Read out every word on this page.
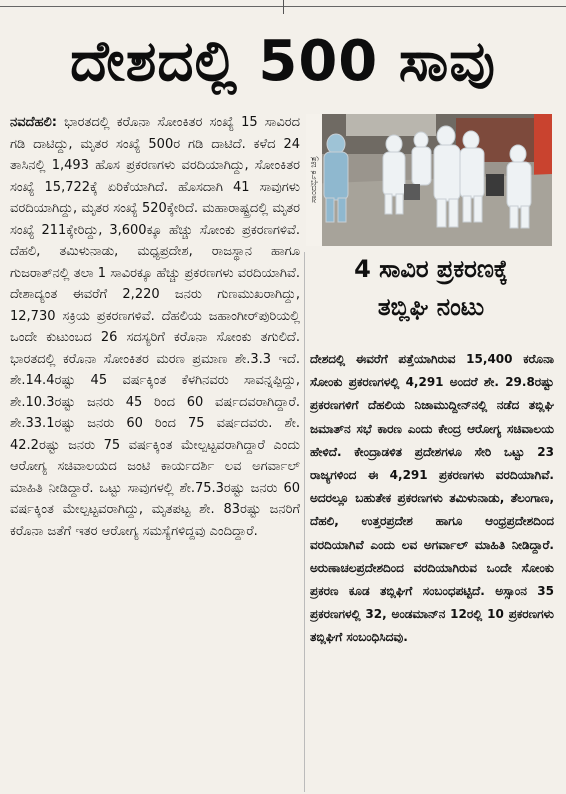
ದೇಶದಲ್ಲಿ 500 ಸಾವು
ನವದೆಹಲಿ: ಭಾರತದಲ್ಲಿ ಕರೊನಾ ಸೋಂಕಿತರ ಸಂಖ್ಯೆ 15 ಸಾವಿರದ ಗಡಿ ದಾಟಿದ್ದು, ಮೃತರ ಸಂಖ್ಯೆ 500ರ ಗಡಿ ದಾಟಿದೆ. ಕಳೆದ 24 ತಾಸಿನಲ್ಲಿ 1,493 ಹೊಸ ಪ್ರಕರಣಗಳು ವರದಿಯಾಗಿದ್ದು, ಸೋಂಕಿತರ ಸಂಖ್ಯೆ 15,722ಕ್ಕೆ ಏರಿಕೆಯಾಗಿದೆ. ಹೊಸದಾಗಿ 41 ಸಾವುಗಳು ವರದಿಯಾಗಿದ್ದು, ಮೃತರ ಸಂಖ್ಯೆ 520ಕ್ಕೇರಿದೆ. ಮಹಾರಾಷ್ಟ್ರದಲ್ಲಿ ಮೃತರ ಸಂಖ್ಯೆ 211ಕ್ಕೇರಿದ್ದು, 3,600ಕ್ಕೂ ಹೆಚ್ಚು ಸೋಂಕು ಪ್ರಕರಣಗಳಿವೆ. ದೆಹಲಿ, ತಮಿಳುನಾಡು, ಮಧ್ಯಪ್ರದೇಶ, ರಾಜಸ್ಥಾನ ಹಾಗೂ ಗುಜರಾತ್‌ನಲ್ಲಿ ತಲಾ 1 ಸಾವಿರಕ್ಕೂ ಹೆಚ್ಚು ಪ್ರಕರಣಗಳು ವರದಿಯಾಗಿವೆ. ದೇಶಾದ್ಯಂತ ಈವರೆಗೆ 2,220 ಜನರು ಗುಣಮುಖರಾಗಿದ್ದು, 12,730 ಸಕ್ರಿಯ ಪ್ರಕರಣಗಳಿವೆ. ದೆಹಲಿಯ ಜಹಾಂಗೀರ್‌ಪುರಿಯಲ್ಲಿ ಒಂದೇ ಕುಟುಂಬದ 26 ಸದಸ್ಯರಿಗೆ ಕರೊನಾ ಸೋಂಕು ತಗುಲಿದೆ. ಭಾರತದಲ್ಲಿ ಕರೊನಾ ಸೋಂಕಿತರ ಮರಣ ಪ್ರಮಾಣ ಶೇ.3.3 ಇದೆ. ಶೇ.14.4ರಷ್ಟು 45 ವರ್ಷಕ್ಕಿಂತ ಕೆಳಗಿನವರು ಸಾವನ್ನಪ್ಪಿದ್ದು, ಶೇ.10.3ರಷ್ಟು ಜನರು 45 ರಿಂದ 60 ವರ್ಷದವರಾಗಿದ್ದಾರೆ. ಶೇ.33.1ರಷ್ಟು ಜನರು 60 ರಿಂದ 75 ವರ್ಷದವರು. ಶೇ. 42.2ರಷ್ಟು ಜನರು 75 ವರ್ಷಕ್ಕಿಂತ ಮೇಲ್ಪಟ್ಟವರಾಗಿದ್ದಾರೆ ಎಂದು ಆರೋಗ್ಯ ಸಚಿವಾಲಯದ ಜಂಟಿ ಕಾರ್ಯದರ್ಶಿ ಲವ ಅಗರ್ವಾಲ್ ಮಾಹಿತಿ ನೀಡಿದ್ದಾರೆ. ಒಟ್ಟು ಸಾವುಗಳಲ್ಲಿ ಶೇ.75.3ರಷ್ಟು ಜನರು 60 ವರ್ಷಕ್ಕಿಂತ ಮೇಲ್ಪಟ್ಟವರಾಗಿದ್ದು, ಮೃತಪಟ್ಟ ಶೇ. 83ರಷ್ಟು ಜನರಿಗೆ ಕರೊನಾ ಜತೆಗೆ ಇತರ ಆರೋಗ್ಯ ಸಮಸ್ಯೆಗಳಿದ್ದವು ಎಂದಿದ್ದಾರೆ.
ಸಾಂದರ್ಭಿಕ ಚಿತ್ರ
4 ಸಾವಿರ ಪ್ರಕರಣಕ್ಕೆ
ತಬ್ಲಿಘಿ ನಂಟು
ದೇಶದಲ್ಲಿ ಈವರೆಗೆ ಪತ್ತೆಯಾಗಿರುವ 15,400 ಕರೊನಾ ಸೋಂಕು ಪ್ರಕರಣಗಳಲ್ಲಿ 4,291 ಅಂದರೆ ಶೇ. 29.8ರಷ್ಟು ಪ್ರಕರಣಗಳಿಗೆ ದೆಹಲಿಯ ನಿಜಾಮುದ್ದೀನ್‌ನಲ್ಲಿ ನಡೆದ ತಬ್ಲಿಘಿ ಜಮಾತ್‌ನ ಸಭೆ ಕಾರಣ ಎಂದು ಕೇಂದ್ರ ಆರೋಗ್ಯ ಸಚಿವಾಲಯ ಹೇಳಿದೆ. ಕೇಂದ್ರಾಡಳಿತ ಪ್ರದೇಶಗಳೂ ಸೇರಿ ಒಟ್ಟು 23 ರಾಜ್ಯಗಳಿಂದ ಈ 4,291 ಪ್ರಕರಣಗಳು ವರದಿಯಾಗಿವೆ. ಅದರಲ್ಲೂ ಬಹುತೇಕ ಪ್ರಕರಣಗಳು ತಮಿಳುನಾಡು, ತೆಲಂಗಾಣ, ದೆಹಲಿ, ಉತ್ತರಪ್ರದೇಶ ಹಾಗೂ ಆಂಧ್ರಪ್ರದೇಶದಿಂದ ವರದಿಯಾಗಿವೆ ಎಂದು ಲವ ಅಗರ್ವಾಲ್ ಮಾಹಿತಿ ನೀಡಿದ್ದಾರೆ. ಅರುಣಾಚಲಪ್ರದೇಶದಿಂದ ವರದಿಯಾಗಿರುವ ಒಂದೇ ಸೋಂಕು ಪ್ರಕರಣ ಕೂಡ ತಬ್ಲಿಘಿಗೆ ಸಂಬಂಧಪಟ್ಟಿದೆ. ಅಸ್ಸಾಂನ 35 ಪ್ರಕರಣಗಳಲ್ಲಿ 32, ಅಂಡಮಾನ್‌ನ 12ರಲ್ಲಿ 10 ಪ್ರಕರಣಗಳು ತಬ್ಲಿಘಿಗೆ ಸಂಬಂಧಿಸಿದವು.
